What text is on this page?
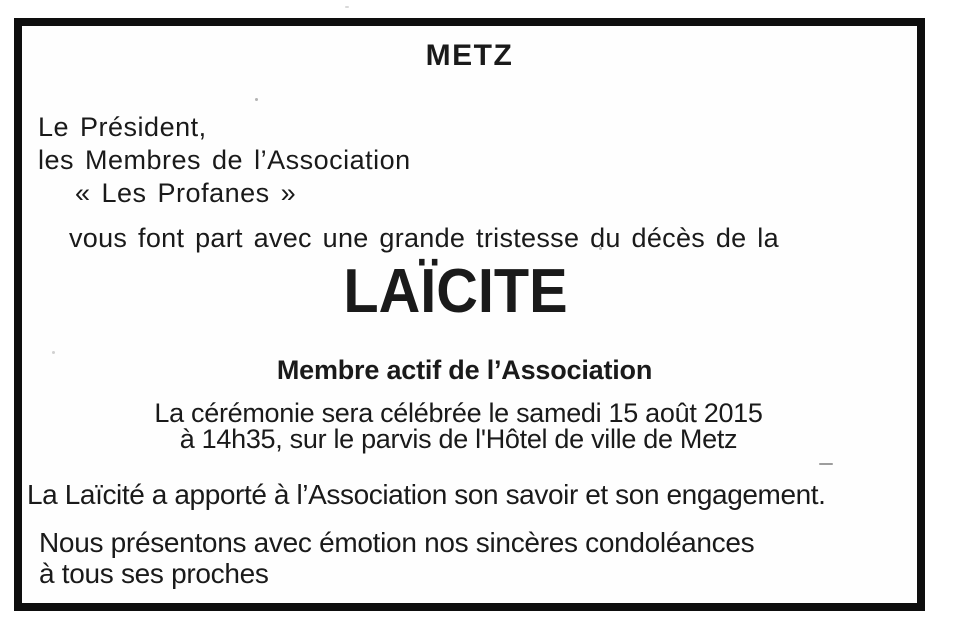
METZ
Le Président,
les Membres de l’Association
« Les Profanes »
vous font part avec une grande tristesse du décès de la
LAÏCITE
Membre actif de l’Association
La cérémonie sera célébrée le samedi 15 août 2015
à 14h35, sur le parvis de l'Hôtel de ville de Metz
La Laïcité a apporté à l’Association son savoir et son engagement.
Nous présentons avec émotion nos sincères condoléances
à tous ses proches
